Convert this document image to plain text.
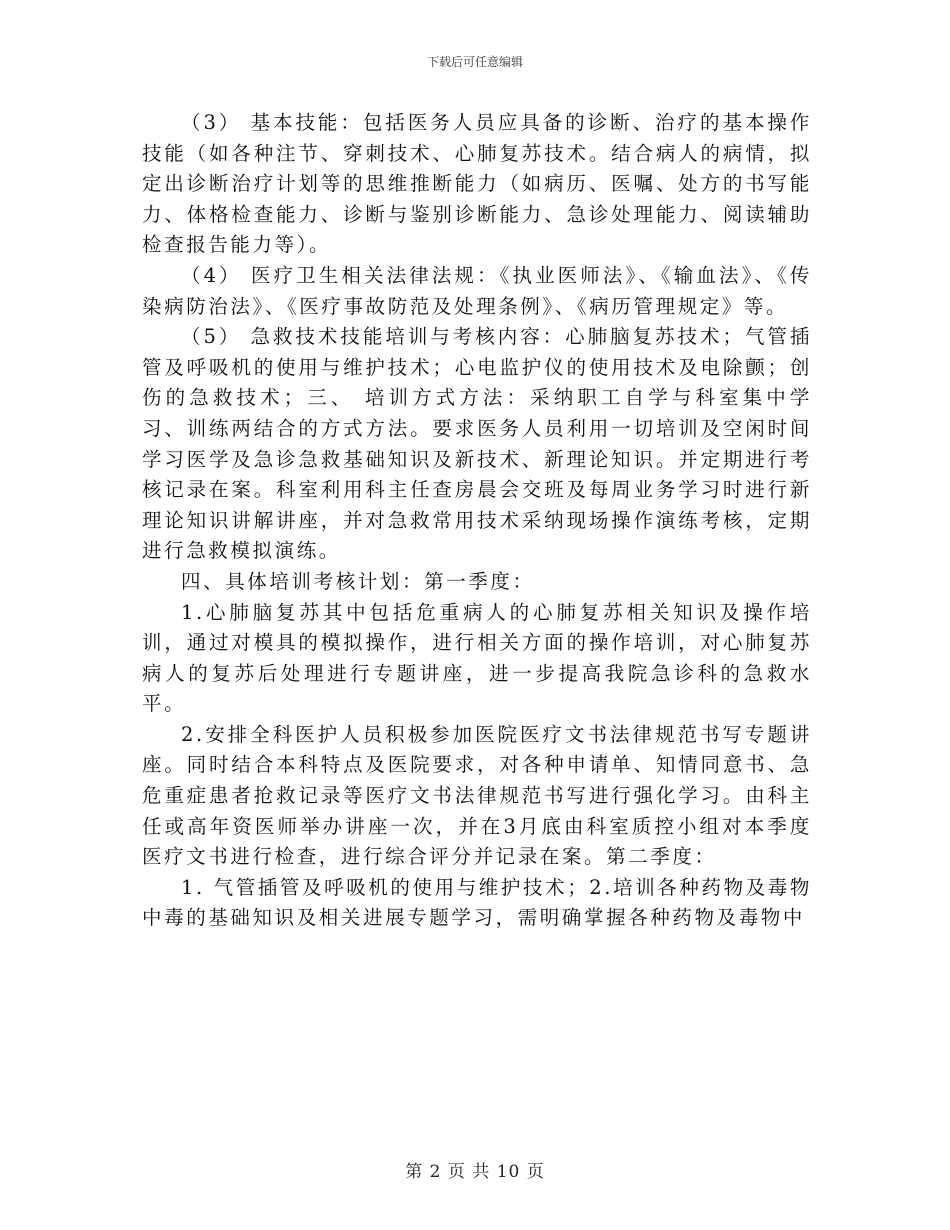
下载后可任意编辑

（3） 基本技能：包括医务人员应具备的诊断、治疗的基本操作技能（如各种注节、穿刺技术、心肺复苏技术。结合病人的病情，拟定出诊断治疗计划等的思维推断能力（如病历、医嘱、处方的书写能力、体格检查能力、诊断与鉴别诊断能力、急诊处理能力、阅读辅助检查报告能力等）。

（4） 医疗卫生相关法律法规：《执业医师法》、《输血法》、《传染病防治法》、《医疗事故防范及处理条例》、《病历管理规定》等。

（5） 急救技术技能培训与考核内容：心肺脑复苏技术；气管插管及呼吸机的使用与维护技术；心电监护仪的使用技术及电除颤；创伤的急救技术；三、 培训方式方法：采纳职工自学与科室集中学习、训练两结合的方式方法。要求医务人员利用一切培训及空闲时间学习医学及急诊急救基础知识及新技术、新理论知识。并定期进行考核记录在案。科室利用科主任查房晨会交班及每周业务学习时进行新理论知识讲解讲座，并对急救常用技术采纳现场操作演练考核，定期进行急救模拟演练。

四、具体培训考核计划：第一季度：

1.心肺脑复苏其中包括危重病人的心肺复苏相关知识及操作培训，通过对模具的模拟操作，进行相关方面的操作培训，对心肺复苏病人的复苏后处理进行专题讲座，进一步提高我院急诊科的急救水平。

2.安排全科医护人员积极参加医院医疗文书法律规范书写专题讲座。同时结合本科特点及医院要求，对各种申请单、知情同意书、急危重症患者抢救记录等医疗文书法律规范书写进行强化学习。由科主任或高年资医师举办讲座一次，并在3月底由科室质控小组对本季度医疗文书进行检查，进行综合评分并记录在案。第二季度：

1. 气管插管及呼吸机的使用与维护技术；2.培训各种药物及毒物中毒的基础知识及相关进展专题学习，需明确掌握各种药物及毒物中

第 2 页 共 10 页
